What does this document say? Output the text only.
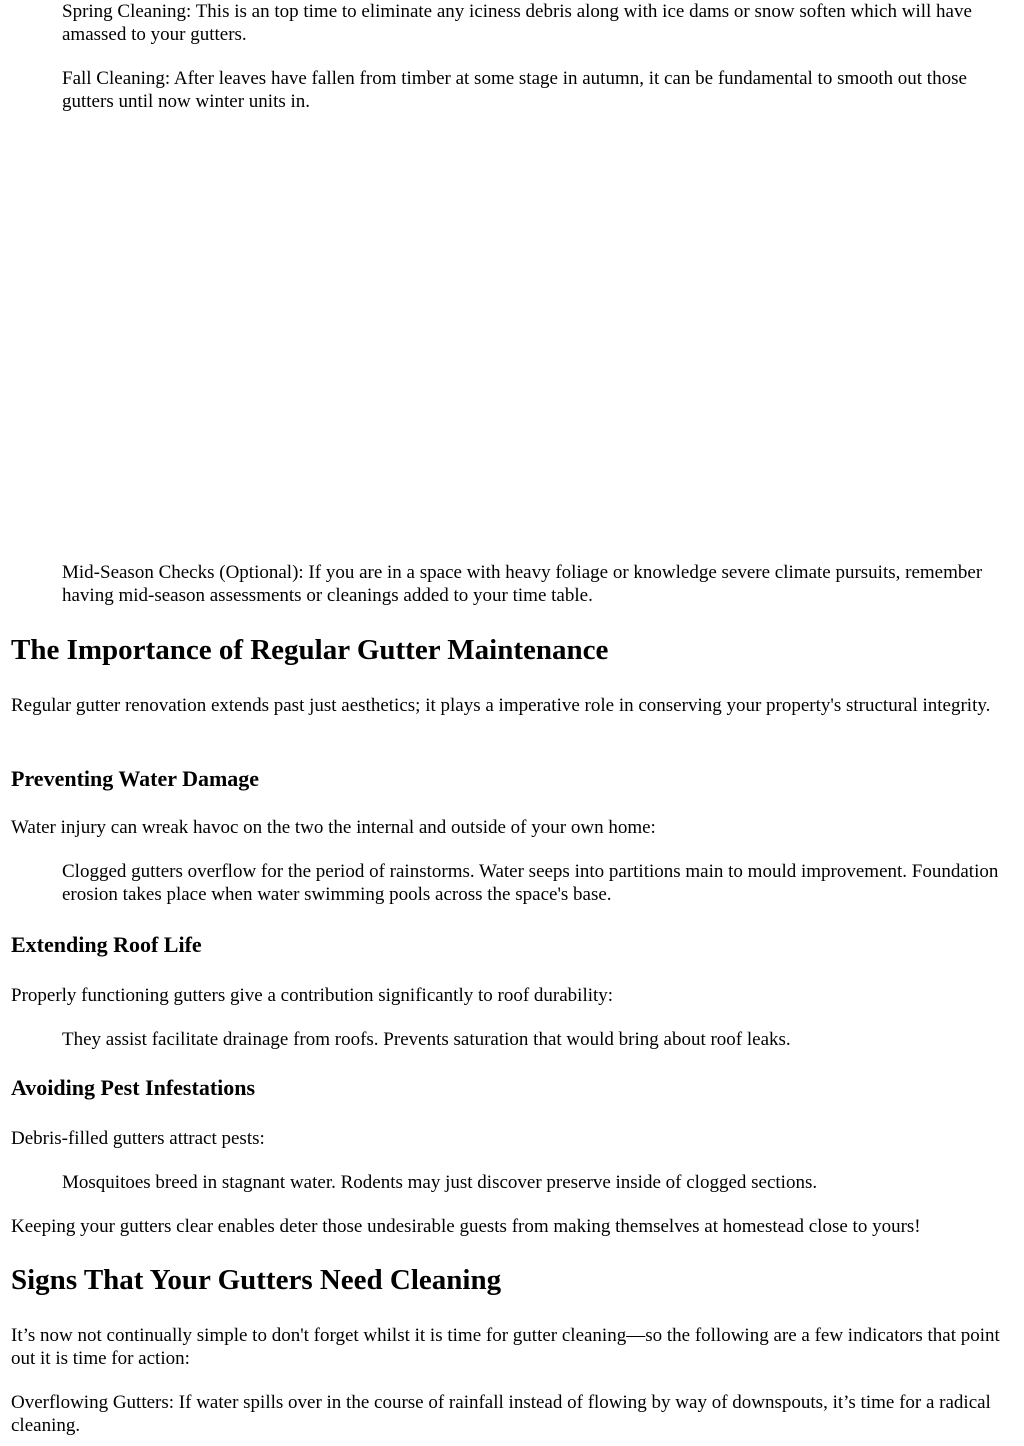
Spring Cleaning: This is an top time to eliminate any iciness debris along with ice dams or snow soften which will have amassed to your gutters.

Fall Cleaning: After leaves have fallen from timber at some stage in autumn, it can be fundamental to smooth out those gutters until now winter units in.

Mid-Season Checks (Optional): If you are in a space with heavy foliage or knowledge severe climate pursuits, remember having mid-season assessments or cleanings added to your time table.

The Importance of Regular Gutter Maintenance

Regular gutter renovation extends past just aesthetics; it plays a imperative role in conserving your property's structural integrity.

Preventing Water Damage

Water injury can wreak havoc on the two the internal and outside of your own home:

Clogged gutters overflow for the period of rainstorms. Water seeps into partitions main to mould improvement. Foundation erosion takes place when water swimming pools across the space's base.

Extending Roof Life

Properly functioning gutters give a contribution significantly to roof durability:

They assist facilitate drainage from roofs. Prevents saturation that would bring about roof leaks.

Avoiding Pest Infestations

Debris-filled gutters attract pests:

Mosquitoes breed in stagnant water. Rodents may just discover preserve inside of clogged sections.

Keeping your gutters clear enables deter those undesirable guests from making themselves at homestead close to yours!

Signs That Your Gutters Need Cleaning

It’s now not continually simple to don't forget whilst it is time for gutter cleaning—so the following are a few indicators that point out it is time for action:

Overflowing Gutters: If water spills over in the course of rainfall instead of flowing by way of downspouts, it’s time for a radical cleaning.
